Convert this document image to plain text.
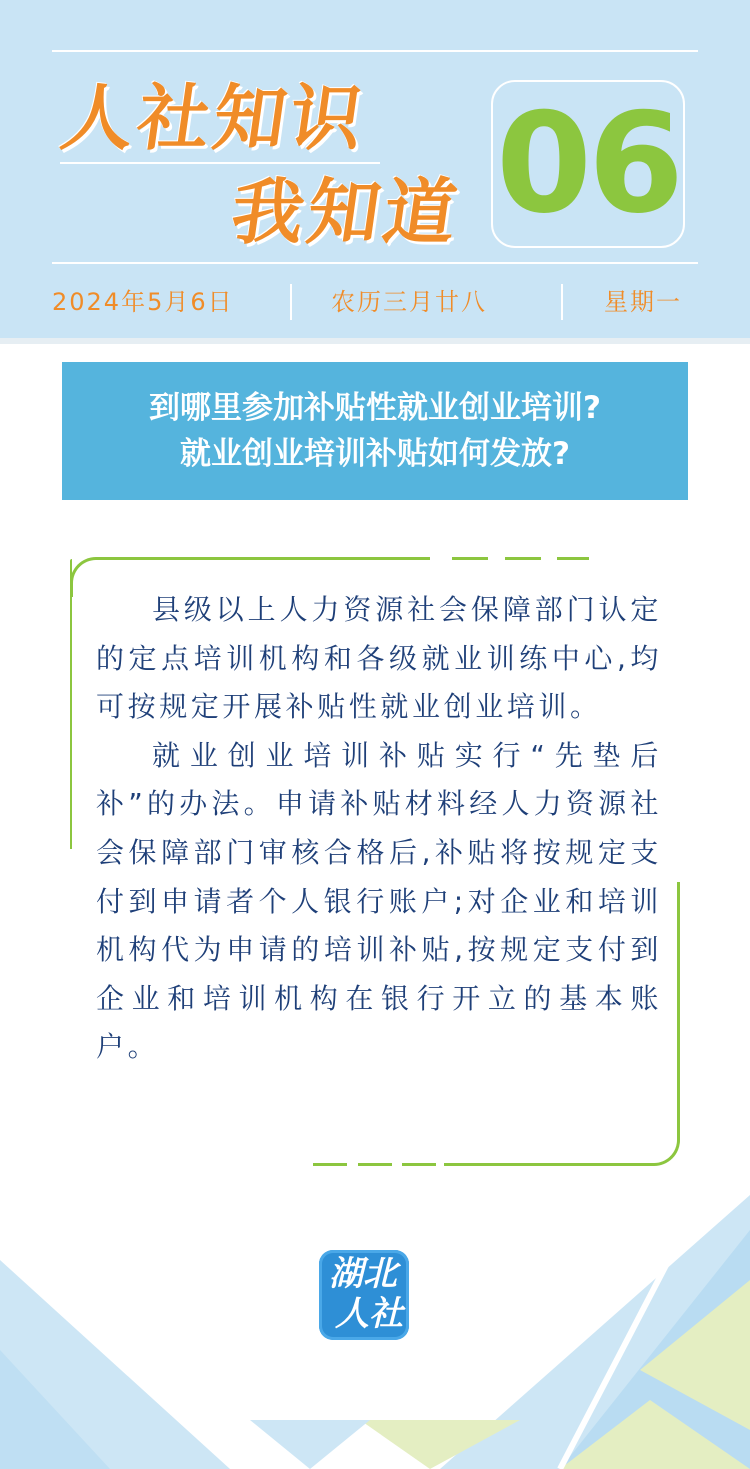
人社知识
我知道 06
2024年5月6日	农历三月廿八	星期一
到哪里参加补贴性就业创业培训?
就业创业培训补贴如何发放?

县级以上人力资源社会保障部门认定的定点培训机构和各级就业训练中心,均可按规定开展补贴性就业创业培训。

就业创业培训补贴实行“先垫后补”的办法。申请补贴材料经人力资源社会保障部门审核合格后,补贴将按规定支付到申请者个人银行账户;对企业和培训机构代为申请的培训补贴,按规定支付到企业和培训机构在银行开立的基本账户。

湖北
人社
